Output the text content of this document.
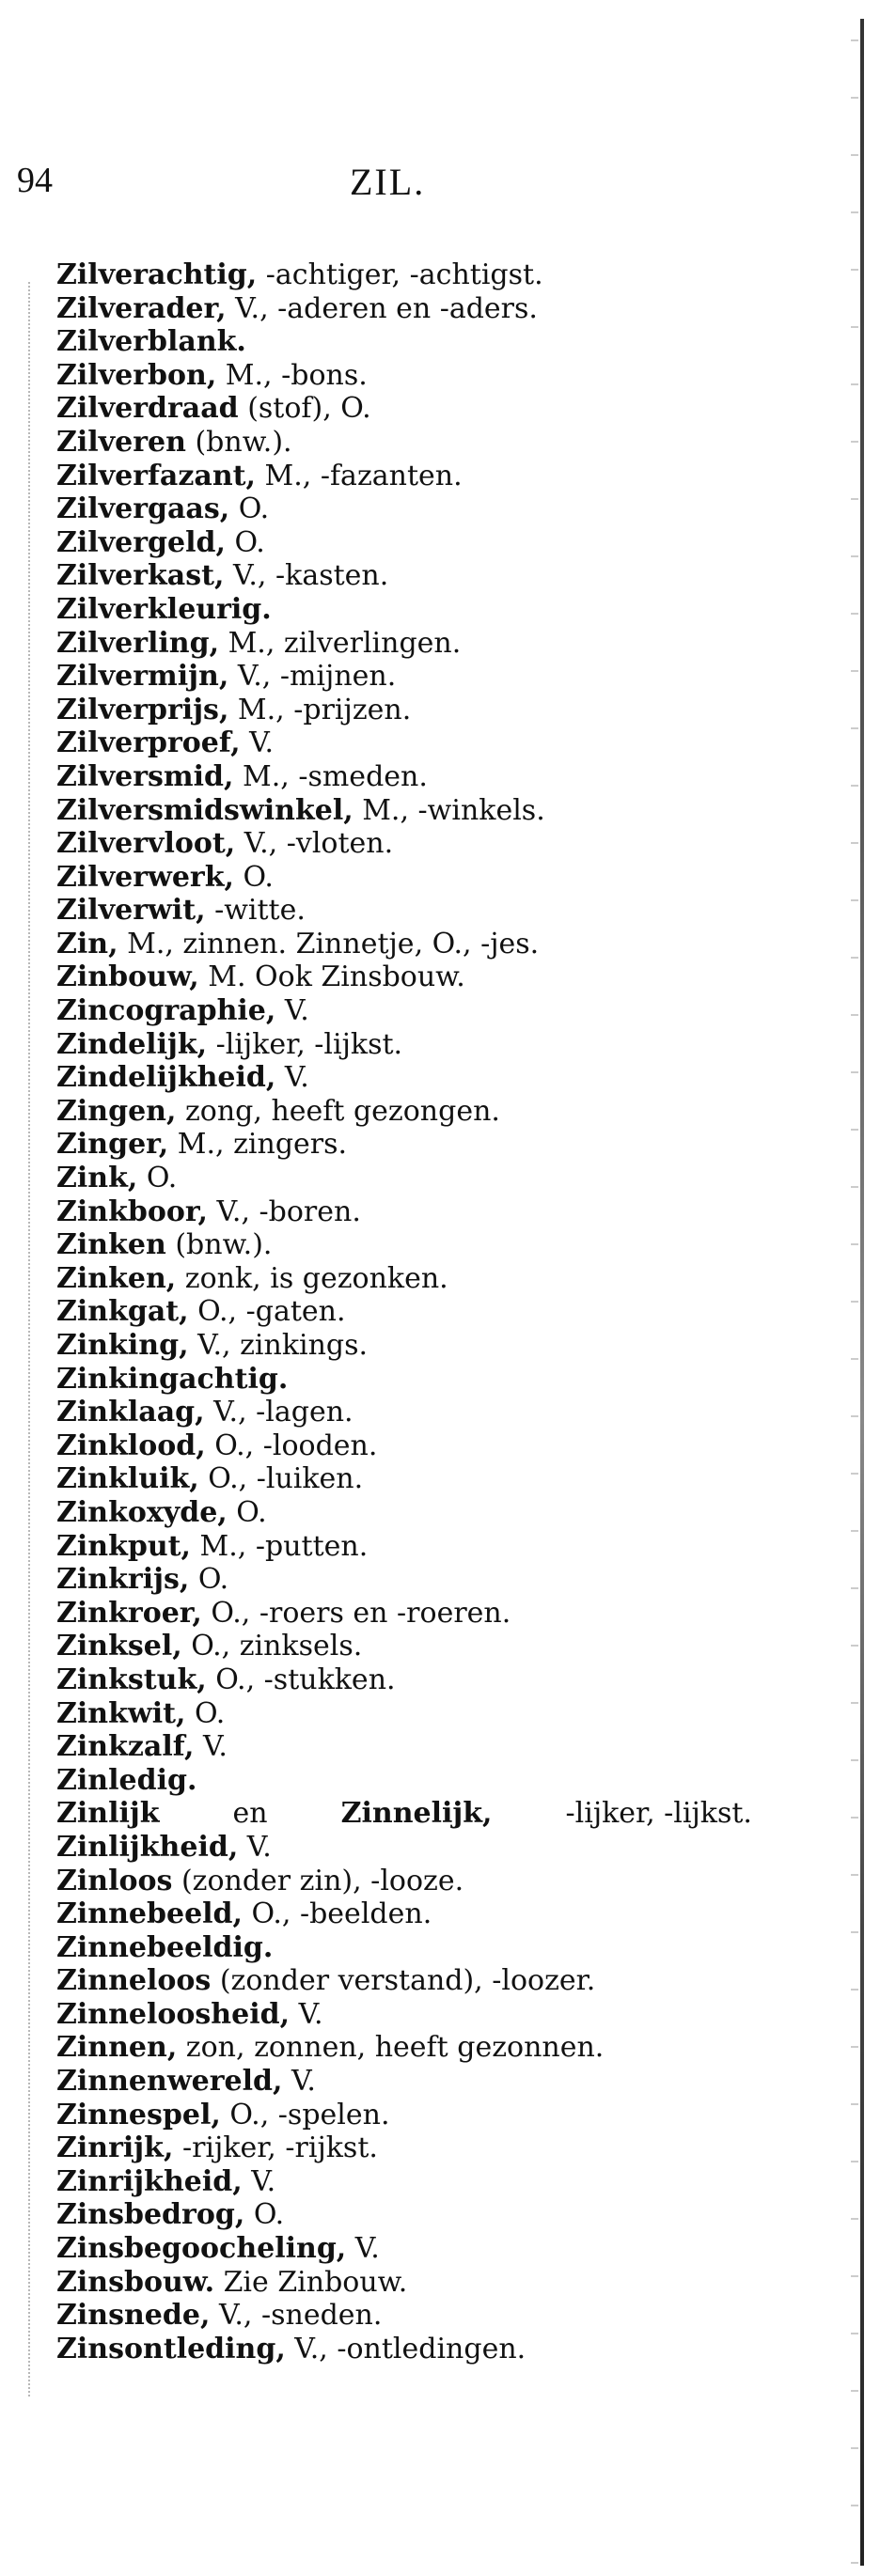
94	ZIL.
Zilverachtig, -achtiger, -achtigst.
Zilverader, V., -aderen en -aders.
Zilverblank.
Zilverbon, M., -bons.
Zilverdraad (stof), O.
Zilveren (bnw.).
Zilverfazant, M., -fazanten.
Zilvergaas, O.
Zilvergeld, O.
Zilverkast, V., -kasten.
Zilverkleurig.
Zilverling, M., zilverlingen.
Zilvermijn, V., -mijnen.
Zilverprijs, M., -prijzen.
Zilverproef, V.
Zilversmid, M., -smeden.
Zilversmidswinkel, M., -winkels.
Zilvervloot, V., -vloten.
Zilverwerk, O.
Zilverwit, -witte.
Zin, M., zinnen. Zinnetje, O., -jes.
Zinbouw, M. Ook Zinsbouw.
Zincographie, V.
Zindelijk, -lijker, -lijkst.
Zindelijkheid, V.
Zingen, zong, heeft gezongen.
Zinger, M., zingers.
Zink, O.
Zinkboor, V., -boren.
Zinken (bnw.).
Zinken, zonk, is gezonken.
Zinkgat, O., -gaten.
Zinking, V., zinkings.
Zinkingachtig.
Zinklaag, V., -lagen.
Zinklood, O., -looden.
Zinkluik, O., -luiken.
Zinkoxyde, O.
Zinkput, M., -putten.
Zinkrijs, O.
Zinkroer, O., -roers en -roeren.
Zinksel, O., zinksels.
Zinkstuk, O., -stukken.
Zinkwit, O.
Zinkzalf, V.
Zinledig.
Zinlijk en Zinnelijk, -lijker, -lijkst.
Zinlijkheid, V.
Zinloos (zonder zin), -looze.
Zinnebeeld, O., -beelden.
Zinnebeeldig.
Zinneloos (zonder verstand), -loozer.
Zinneloosheid, V.
Zinnen, zon, zonnen, heeft gezonnen.
Zinnenwereld, V.
Zinnespel, O., -spelen.
Zinrijk, -rijker, -rijkst.
Zinrijkheid, V.
Zinsbedrog, O.
Zinsbegoocheling, V.
Zinsbouw. Zie Zinbouw.
Zinsnede, V., -sneden.
Zinsontleding, V., -ontledingen.
